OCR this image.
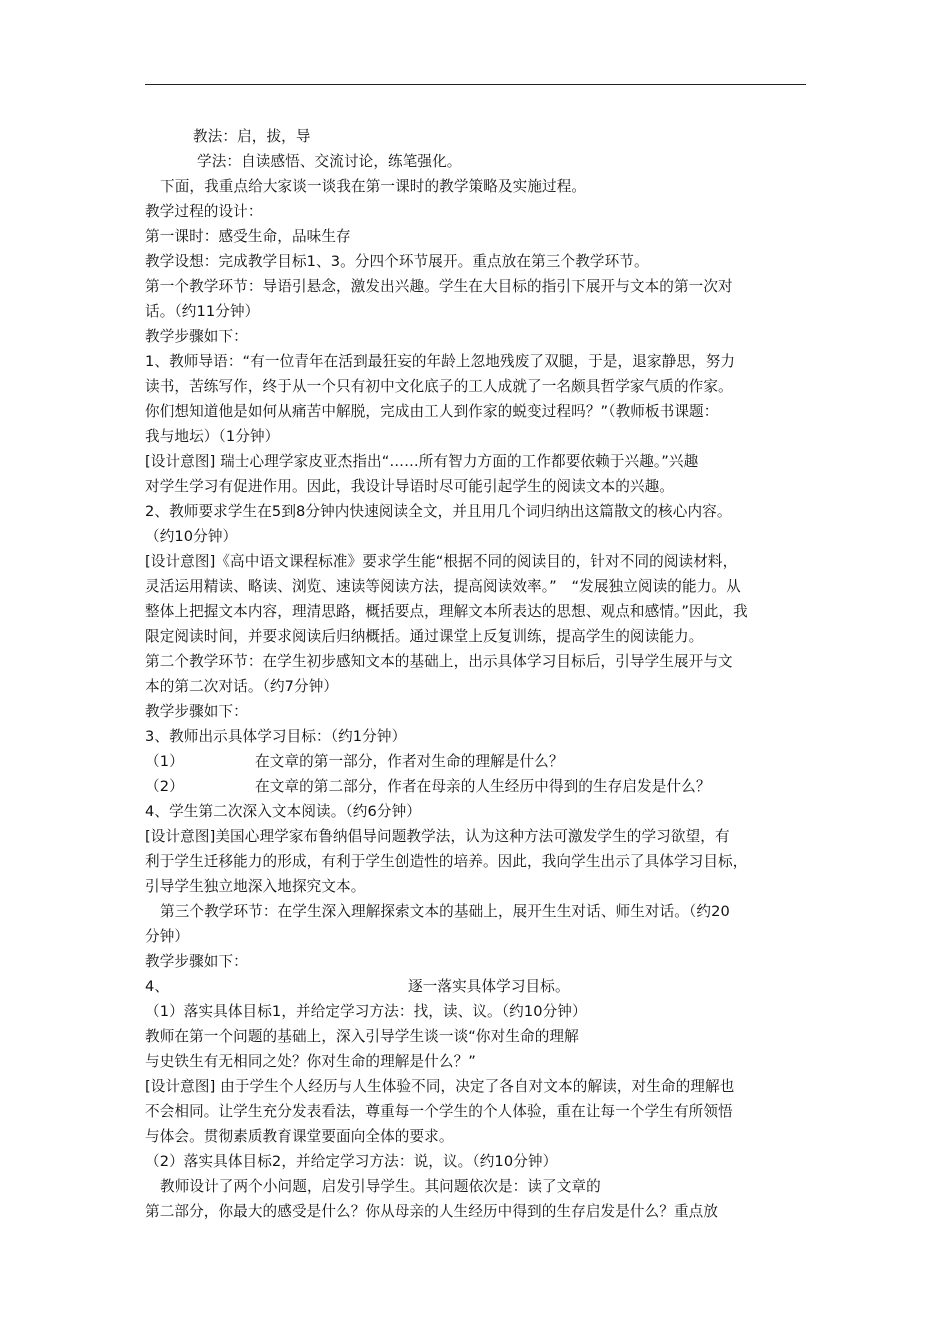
教法：启，拔，导
学法：自读感悟、交流讨论，练笔强化。
下面，我重点给大家谈一谈我在第一课时的教学策略及实施过程。
教学过程的设计：
第一课时：感受生命，品味生存
教学设想：完成教学目标1、3。分四个环节展开。重点放在第三个教学环节。
第一个教学环节：导语引悬念，激发出兴趣。学生在大目标的指引下展开与文本的第一次对
话。（约11分钟）
教学步骤如下：
1、教师导语：“有一位青年在活到最狂妄的年龄上忽地残废了双腿，于是，退家静思，努力
读书，苦练写作，终于从一个只有初中文化底子的工人成就了一名颇具哲学家气质的作家。
你们想知道他是如何从痛苦中解脱，完成由工人到作家的蜕变过程吗？”（教师板书课题：
我与地坛）（1分钟）
[设计意图] 瑞士心理学家皮亚杰指出“……所有智力方面的工作都要依赖于兴趣。”兴趣
对学生学习有促进作用。因此，我设计导语时尽可能引起学生的阅读文本的兴趣。
2、教师要求学生在5到8分钟内快速阅读全文，并且用几个词归纳出这篇散文的核心内容。
（约10分钟）
[设计意图]《高中语文课程标准》要求学生能“根据不同的阅读目的，针对不同的阅读材料，
灵活运用精读、略读、浏览、速读等阅读方法，提高阅读效率。”　“发展独立阅读的能力。从
整体上把握文本内容，理清思路，概括要点，理解文本所表达的思想、观点和感情。”因此，我
限定阅读时间，并要求阅读后归纳概括。通过课堂上反复训练，提高学生的阅读能力。
第二个教学环节：在学生初步感知文本的基础上，出示具体学习目标后，引导学生展开与文
本的第二次对话。（约7分钟）
教学步骤如下：
3、教师出示具体学习目标：（约1分钟）
（1）	在文章的第一部分，作者对生命的理解是什么？
（2）	在文章的第二部分，作者在母亲的人生经历中得到的生存启发是什么？
4、学生第二次深入文本阅读。（约6分钟）
[设计意图]美国心理学家布鲁纳倡导问题教学法，认为这种方法可激发学生的学习欲望，有
利于学生迁移能力的形成，有利于学生创造性的培养。因此，我向学生出示了具体学习目标，
引导学生独立地深入地探究文本。
第三个教学环节：在学生深入理解探索文本的基础上，展开生生对话、师生对话。（约20
分钟）
教学步骤如下：
4、	逐一落实具体学习目标。
（1）落实具体目标1，并给定学习方法：找，读、议。（约10分钟）
教师在第一个问题的基础上，深入引导学生谈一谈“你对生命的理解
与史铁生有无相同之处？你对生命的理解是什么？”
[设计意图] 由于学生个人经历与人生体验不同，决定了各自对文本的解读，对生命的理解也
不会相同。让学生充分发表看法，尊重每一个学生的个人体验，重在让每一个学生有所领悟
与体会。贯彻素质教育课堂要面向全体的要求。
（2）落实具体目标2，并给定学习方法：说，议。（约10分钟）
教师设计了两个小问题，启发引导学生。其问题依次是：读了文章的
第二部分，你最大的感受是什么？你从母亲的人生经历中得到的生存启发是什么？重点放
